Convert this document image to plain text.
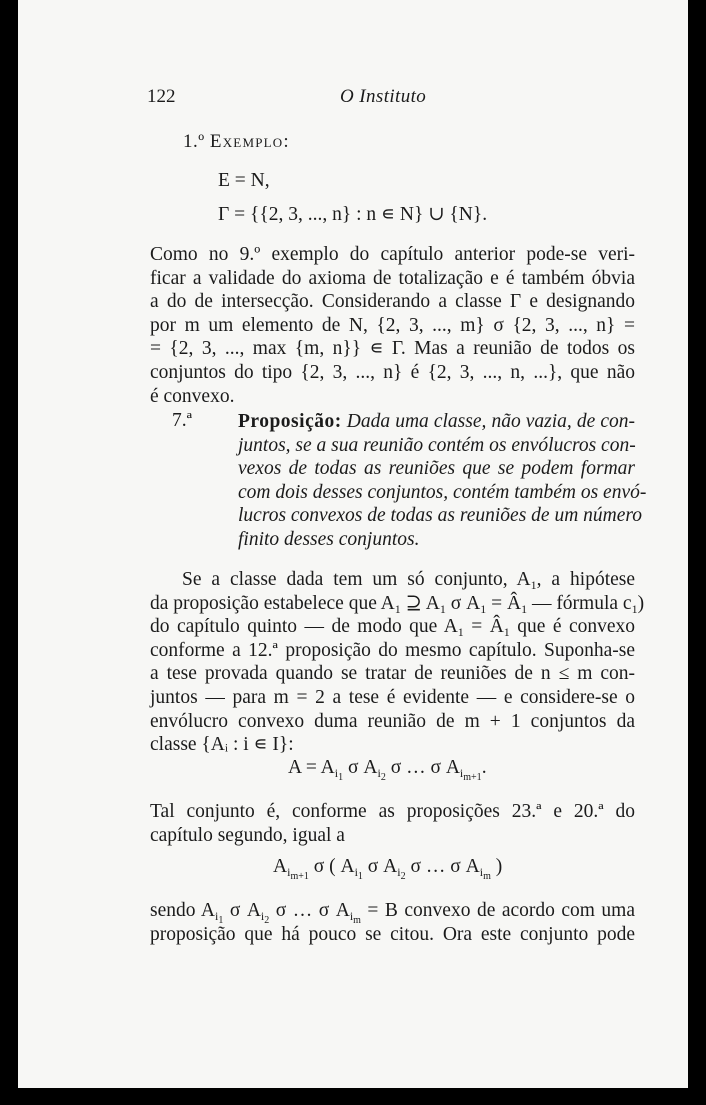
122	O Instituto
1.º Exemplo:
E = N,
Γ = {{2, 3, ..., n} : n ∊ N} ∪ {N}.
Como no 9.º exemplo do capítulo anterior pode-se veri-
ficar a validade do axioma de totalização e é também óbvia
a do de intersecção. Considerando a classe Γ e designando
por m um elemento de N, {2, 3, ..., m} σ {2, 3, ..., n} =
= {2, 3, ..., max {m, n}} ∊ Γ. Mas a reunião de todos os
conjuntos do tipo {2, 3, ..., n} é {2, 3, ..., n, ...}, que não
é convexo.
7.ª Proposição: Dada uma classe, não vazia, de con-
juntos, se a sua reunião contém os envólucros con-
vexos de todas as reuniões que se podem formar
com dois desses conjuntos, contém também os envó-
lucros convexos de todas as reuniões de um número
finito desses conjuntos.
Se a classe dada tem um só conjunto, $A_1$, a hipótese
da proposição estabelece que $A_1$ ⊇ $A_1$ σ $A_1$ = $Â_1$ — fórmula $c_1$)
do capítulo quinto — de modo que $A_1$ = $Â_1$ que é convexo
conforme a 12.ª proposição do mesmo capítulo. Suponha-se
a tese provada quando se tratar de reuniões de n ≤ m con-
juntos — para m = 2 a tese é evidente — e considere-se o
envólucro convexo duma reunião de m + 1 conjuntos da
classe {Aᵢ : i ∊ I}:
$A = A_{i_1}$ σ $A_{i_2}$ σ … σ $A_{i_{m+1}}$.
Tal conjunto é, conforme as proposições 23.ª e 20.ª do
capítulo segundo, igual a
$A_{i_{m+1}}$ σ ( $A_{i_1}$ σ $A_{i_2}$ σ … σ $A_{i_m}$ )
sendo $A_{i_1}$ σ $A_{i_2}$ σ … σ $A_{i_m} = B$ convexo de acordo com uma
proposição que há pouco se citou. Ora este conjunto pode
